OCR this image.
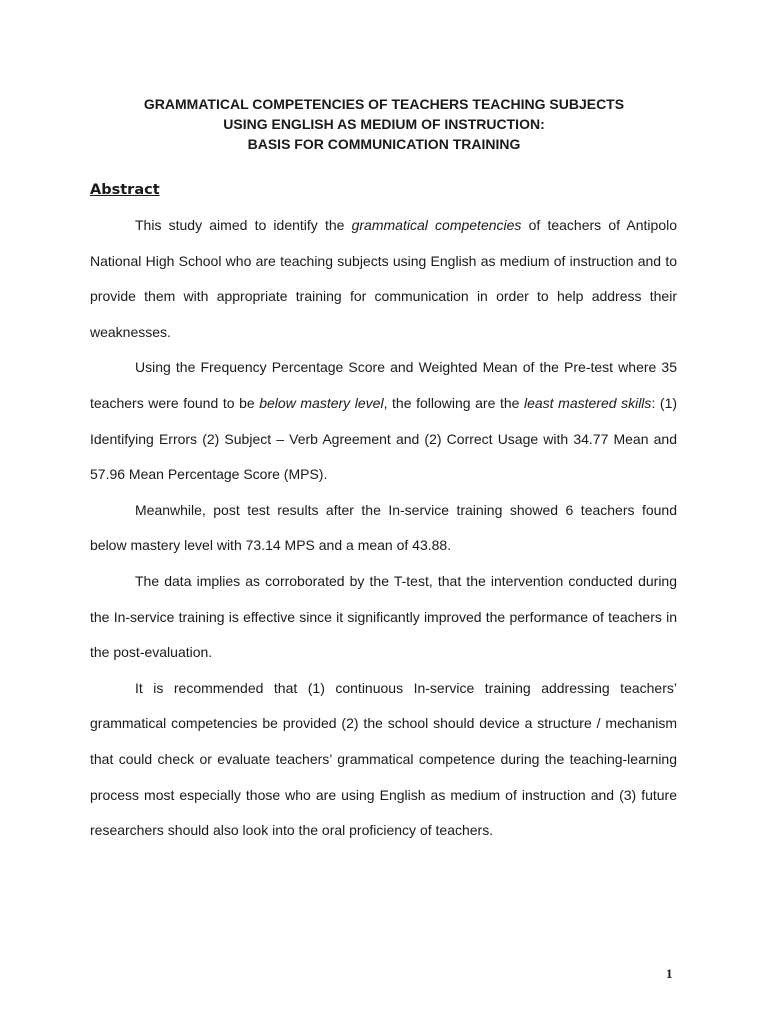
GRAMMATICAL COMPETENCIES OF TEACHERS TEACHING SUBJECTS
USING ENGLISH AS MEDIUM OF INSTRUCTION:
BASIS FOR COMMUNICATION TRAINING
Abstract

This study aimed to identify the grammatical competencies of teachers of Antipolo National High School who are teaching subjects using English as medium of instruction and to provide them with appropriate training for communication in order to help address their weaknesses.

Using the Frequency Percentage Score and Weighted Mean of the Pre-test where 35 teachers were found to be below mastery level, the following are the least mastered skills: (1) Identifying Errors (2) Subject – Verb Agreement and (2) Correct Usage with 34.77 Mean and 57.96 Mean Percentage Score (MPS).

Meanwhile, post test results after the In-service training showed 6 teachers found below mastery level with 73.14 MPS and a mean of 43.88.

The data implies as corroborated by the T-test, that the intervention conducted during the In-service training is effective since it significantly improved the performance of teachers in the post-evaluation.

It is recommended that (1) continuous In-service training addressing teachers’ grammatical competencies be provided (2) the school should device a structure / mechanism that could check or evaluate teachers’ grammatical competence during the teaching-learning process most especially those who are using English as medium of instruction and (3) future researchers should also look into the oral proficiency of teachers.

1
